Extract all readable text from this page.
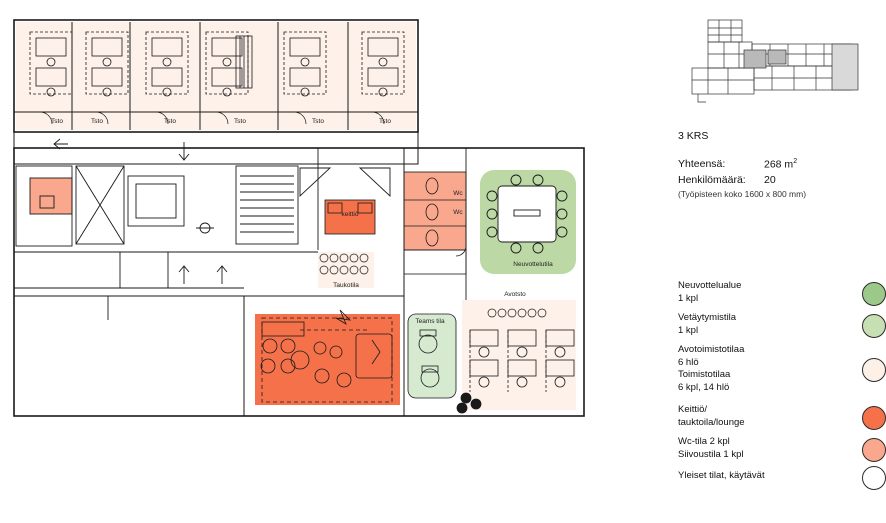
Tsto	Tsto	Tsto	Tsto	Tsto	Tsto
keittiö
Wc
Wc
Neuvottelutila
Taukotila
Avotsto
Teams tila
3 KRS
Yhteensä:	268 $m^2$
Henkilömäärä:	20
(Työpisteen koko 1600 x 800 mm)
Neuvottelualue
1 kpl
Vetäytymistila
1 kpl
Avotoimistotilaa
6 hlö
Toimistotilaa
6 kpl, 14 hlö
Keittiö/
tauktoila/lounge
Wc-tila 2 kpl
Siivoustila 1 kpl
Yleiset tilat, käytävät
